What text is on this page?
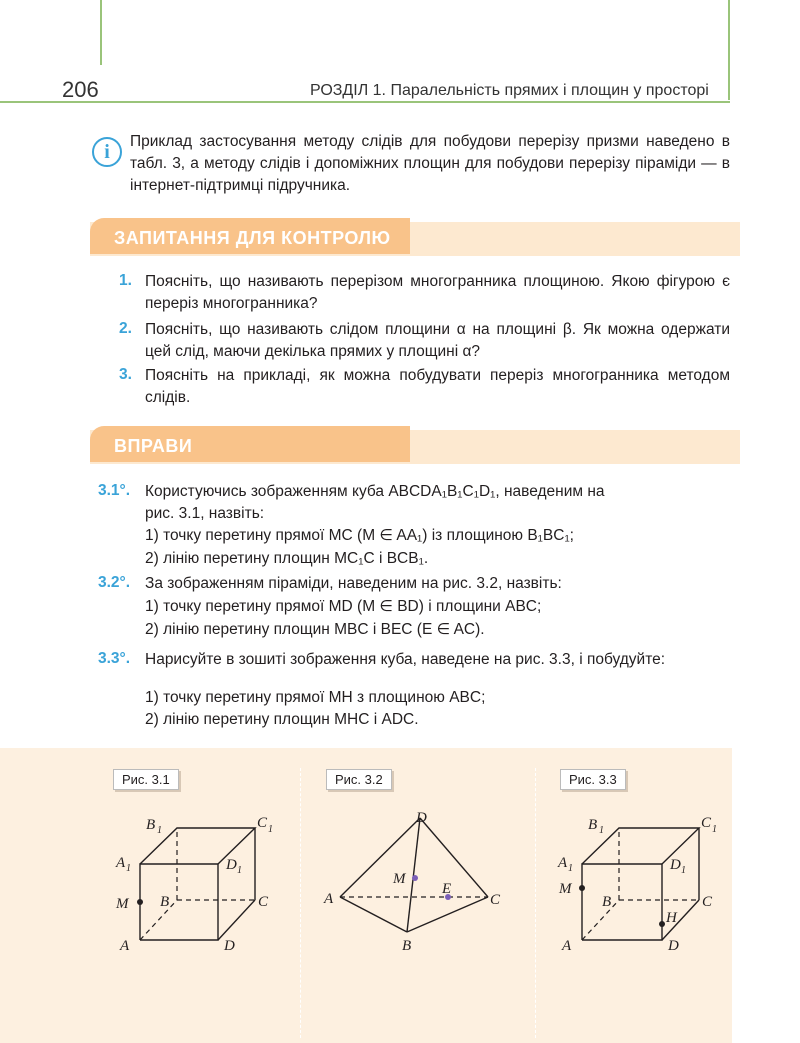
206	РОЗДІЛ 1. Паралельність прямих і площин у просторі
i	Приклад застосування методу слідів для побудови перерізу призми наведено в табл. 3, а методу слідів і допоміжних площин для побудови перерізу піраміди — в інтернет-підтримці підручника.
ЗАПИТАННЯ ДЛЯ КОНТРОЛЮ
1. Поясніть, що називають перерізом многогранника площиною. Якою фігурою є переріз многогранника?
2. Поясніть, що називають слідом площини α на площині β. Як можна одержати цей слід, маючи декілька прямих у площині α?
3. Поясніть на прикладі, як можна побудувати переріз многогранника методом слідів.
ВПРАВИ
3.1°. Користуючись зображенням куба ABCDA₁B₁C₁D₁, наведеним на
рис. 3.1, назвіть:
1) точку перетину прямої MC (M ∈ AA₁) із площиною B₁BC₁;
2) лінію перетину площин MC₁C і BCB₁.
3.2°. За зображенням піраміди, наведеним на рис. 3.2, назвіть:
1) точку перетину прямої MD (M ∈ BD) і площини ABC;
2) лінію перетину площин MBC і BEC (E ∈ AC).
3.3°. Нарисуйте в зошиті зображення куба, наведене на рис. 3.3, і побудуйте:
1) точку перетину прямої MH з площиною ABC;
2) лінію перетину площин MHC і ADC.
Рис. 3.1	Рис. 3.2	Рис. 3.3
B 1	C 1
A 1	D 1
M B	C
A	D
D
M
E
A	C
B
B 1	C 1
A 1	D 1
M
B	C
H
A	D
